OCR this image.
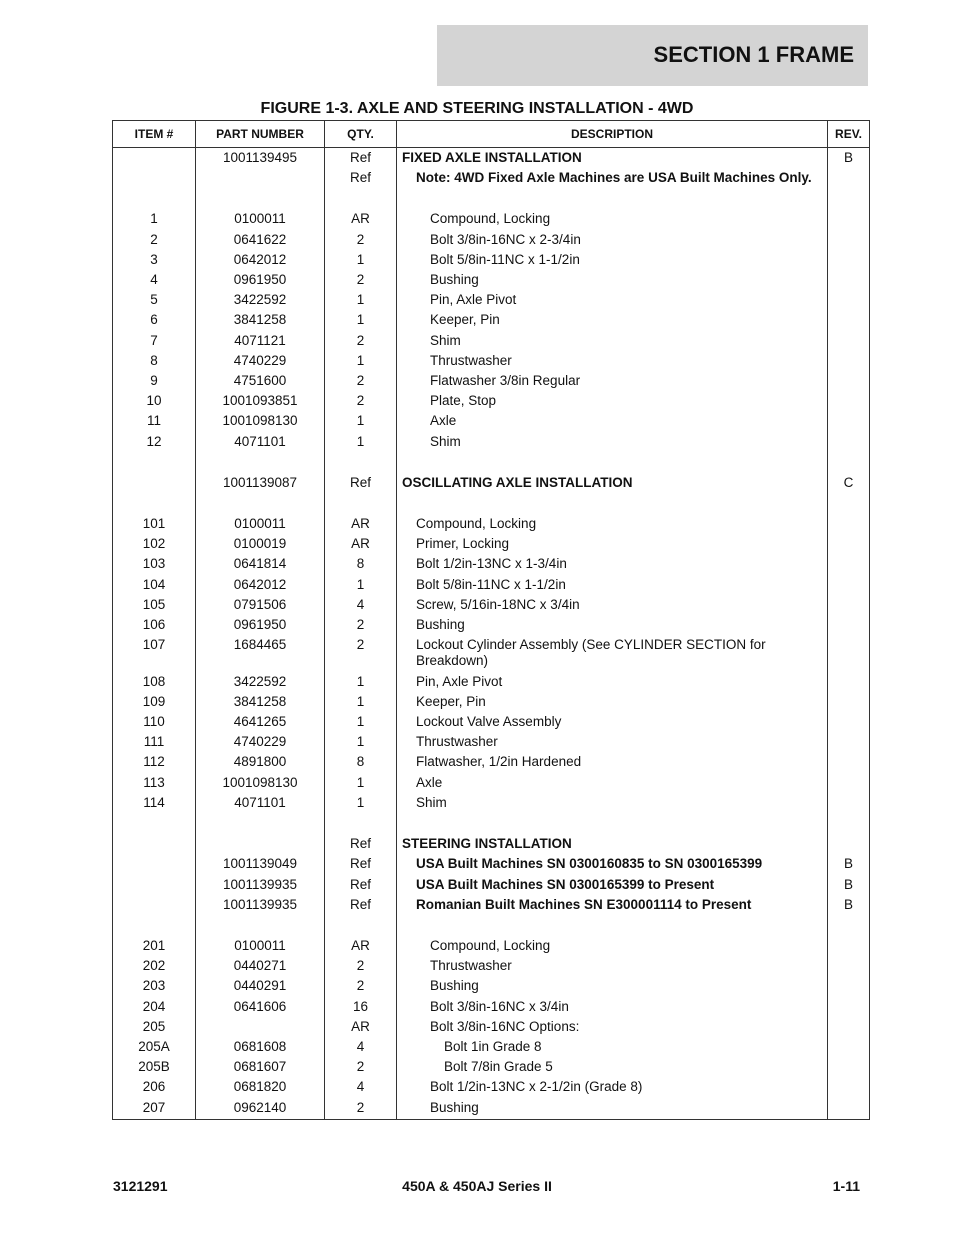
SECTION 1 FRAME
FIGURE 1-3. AXLE AND STEERING INSTALLATION - 4WD
ITEM #	PART NUMBER	QTY.	DESCRIPTION	REV.
	1001139495	Ref	FIXED AXLE INSTALLATION	B
		Ref	Note: 4WD Fixed Axle Machines are USA Built Machines Only.	

1	0100011	AR	Compound, Locking	
2	0641622	2	Bolt 3/8in-16NC x 2-3/4in	
3	0642012	1	Bolt 5/8in-11NC x 1-1/2in	
4	0961950	2	Bushing	
5	3422592	1	Pin, Axle Pivot	
6	3841258	1	Keeper, Pin	
7	4071121	2	Shim	
8	4740229	1	Thrustwasher	
9	4751600	2	Flatwasher 3/8in Regular	
10	1001093851	2	Plate, Stop	
11	1001098130	1	Axle	
12	4071101	1	Shim	

	1001139087	Ref	OSCILLATING AXLE INSTALLATION	C

101	0100011	AR	Compound, Locking	
102	0100019	AR	Primer, Locking	
103	0641814	8	Bolt 1/2in-13NC x 1-3/4in	
104	0642012	1	Bolt 5/8in-11NC x 1-1/2in	
105	0791506	4	Screw, 5/16in-18NC x 3/4in	
106	0961950	2	Bushing	
107	1684465	2	Lockout Cylinder Assembly (See CYLINDER SECTION for Breakdown)	
108	3422592	1	Pin, Axle Pivot	
109	3841258	1	Keeper, Pin	
110	4641265	1	Lockout Valve Assembly	
111	4740229	1	Thrustwasher	
112	4891800	8	Flatwasher, 1/2in Hardened	
113	1001098130	1	Axle	
114	4071101	1	Shim	

		Ref	STEERING INSTALLATION	
	1001139049	Ref	USA Built Machines SN 0300160835 to SN 0300165399	B
	1001139935	Ref	USA Built Machines SN 0300165399 to Present	B
	1001139935	Ref	Romanian Built Machines SN E300001114 to Present	B

201	0100011	AR	Compound, Locking	
202	0440271	2	Thrustwasher	
203	0440291	2	Bushing	
204	0641606	16	Bolt 3/8in-16NC x 3/4in	
205		AR	Bolt 3/8in-16NC Options:	
205A	0681608	4	Bolt 1in Grade 8	
205B	0681607	2	Bolt 7/8in Grade 5	
206	0681820	4	Bolt 1/2in-13NC x 2-1/2in (Grade 8)	
207	0962140	2	Bushing	
3121291	450A & 450AJ Series II	1-11
